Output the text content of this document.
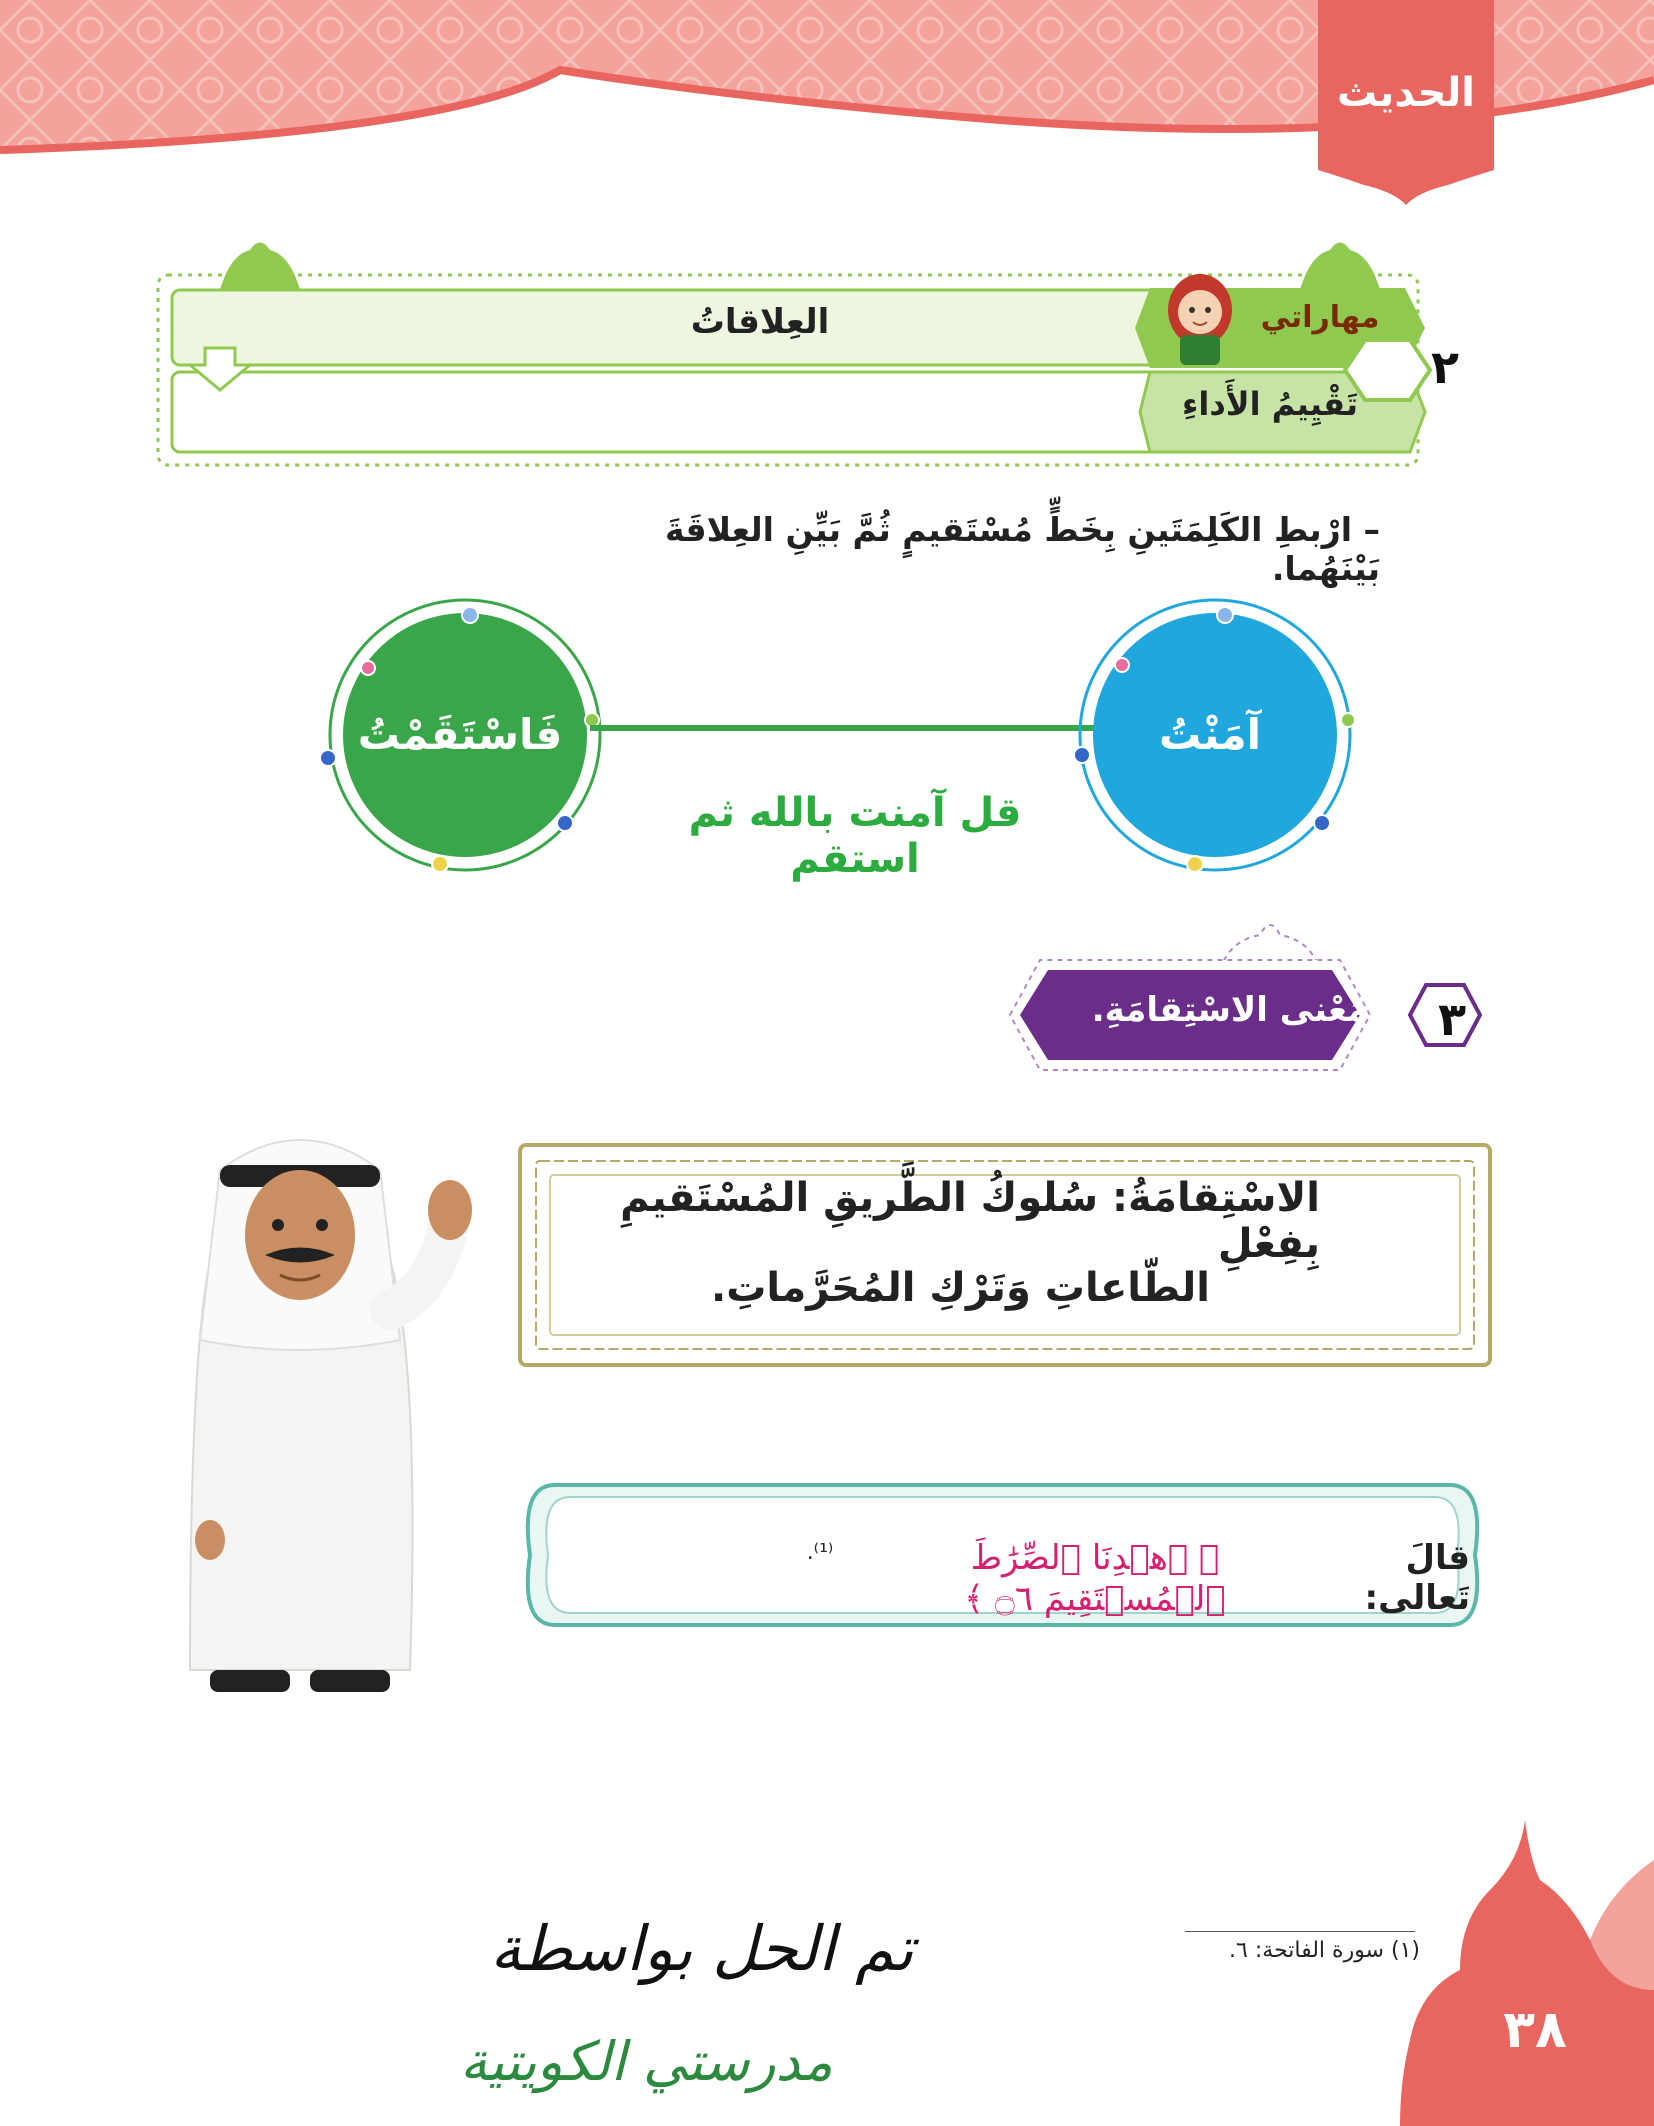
الحديث
العِلاقاتُ	مهاراتي
تَقْيِيمُ الأَداءِ
٢
– ارْبطِ الكَلِمَتَينِ بِخَطٍّ مُسْتَقيمٍ ثُمَّ بَيِّنِ العِلاقَةَ بَيْنَهُما.
آمَنْتُ
فَاسْتَقَمْتُ
قل آمنت بالله ثم استقم
مَعْنى الاسْتِقامَةِ.	٣
الاسْتِقامَةُ: سُلوكُ الطَّريقِ المُسْتَقيمِ بِفِعْلِ
الطّاعاتِ وَتَرْكِ المُحَرَّماتِ.
قالَ تَعالى:
﴿ ٱهۡدِنَا ٱلصِّرَٰطَ ٱلۡمُسۡتَقِيمَ ۝٦ ﴾
.⁽¹⁾
(١) سورة الفاتحة: ٦.
٣٨
تم الحل بواسطة
مدرستي الكويتية
